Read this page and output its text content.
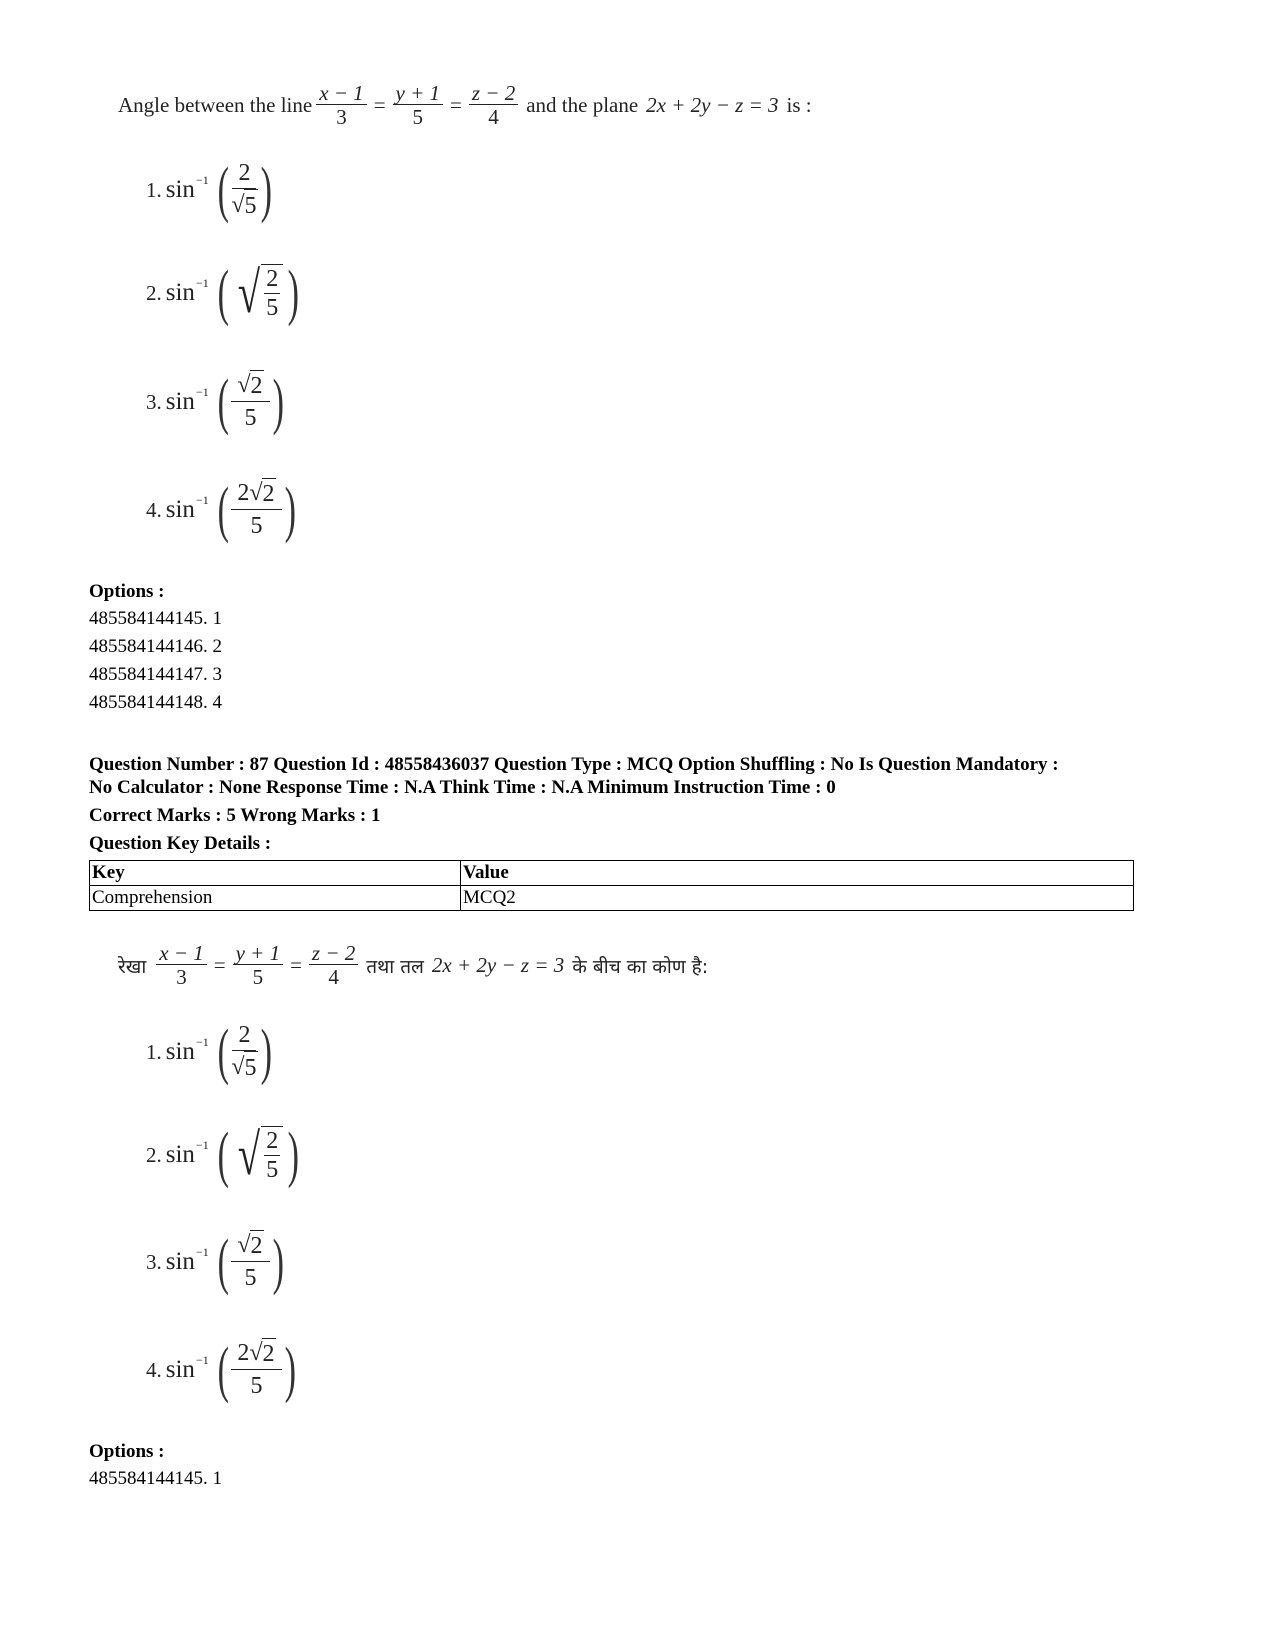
Angle between the line $\frac{x - 1}{3} = \frac{y + 1}{5} = \frac{z - 2}{4}$ and the plane 2x + 2y − z = 3 is :
1. $\sin^{-1}$ ( $\frac{2}{√ 5}$ )
2. $\sin^{-1}$ ( √ $\frac{2}{5}$ )
3. $\sin^{-1}$ ( $\frac{√ 2}{5}$ )
4. $\sin^{-1}$ ( $\frac{2 √ 2}{5}$ )
Options :
485584144145. 1
485584144146. 2
485584144147. 3
485584144148. 4
Question Number : 87 Question Id : 48558436037 Question Type : MCQ Option Shuffling : No Is Question Mandatory :
No Calculator : None Response Time : N.A Think Time : N.A Minimum Instruction Time : 0
Correct Marks : 5 Wrong Marks : 1
Question Key Details :
Key	Value
Comprehension	MCQ2
रेखा $\frac{x - 1}{3} = \frac{y + 1}{5} = \frac{z - 2}{4}$ तथा तल 2x + 2y − z = 3 के बीच का कोण है:
1. $\sin^{-1}$ ( $\frac{2}{√ 5}$ )
2. $\sin^{-1}$ ( √ $\frac{2}{5}$ )
3. $\sin^{-1}$ ( $\frac{√ 2}{5}$ )
4. $\sin^{-1}$ ( $\frac{2 √ 2}{5}$ )
Options :
485584144145. 1
